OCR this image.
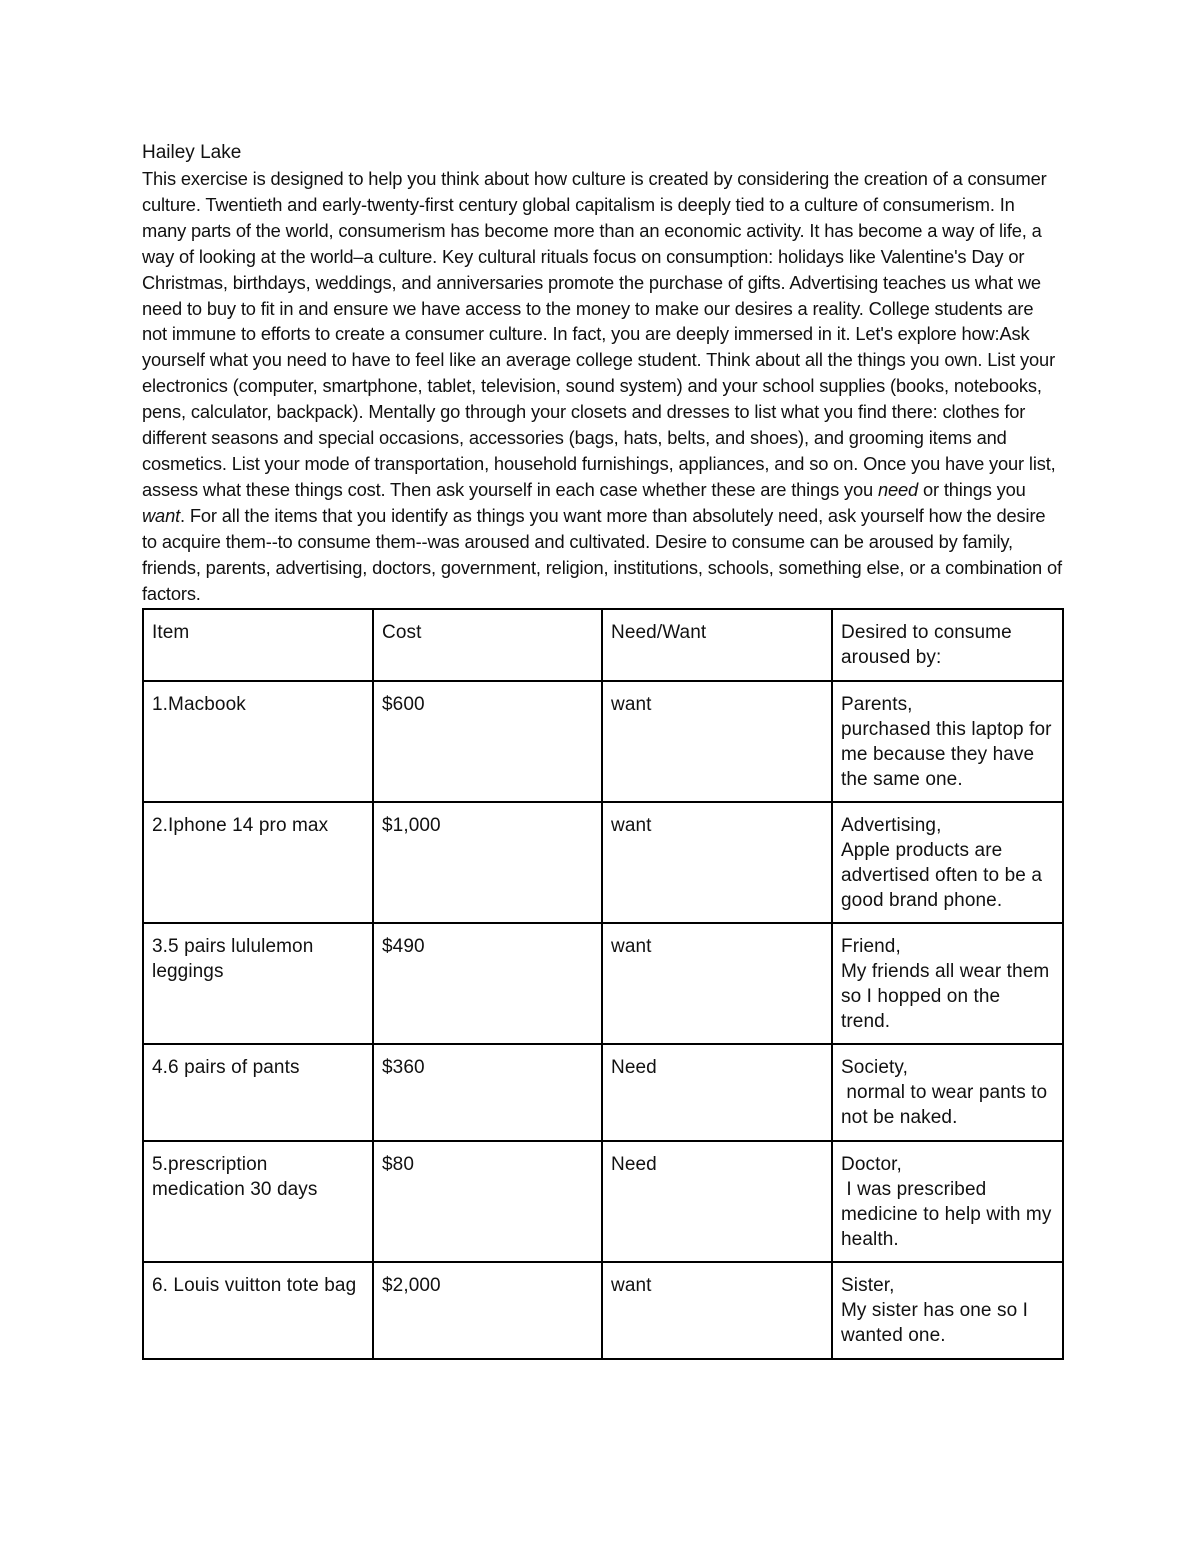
Hailey Lake

This exercise is designed to help you think about how culture is created by considering the creation of a consumer culture. Twentieth and early-twenty-first century global capitalism is deeply tied to a culture of consumerism. In many parts of the world, consumerism has become more than an economic activity. It has become a way of life, a way of looking at the world–a culture. Key cultural rituals focus on consumption: holidays like Valentine's Day or Christmas, birthdays, weddings, and anniversaries promote the purchase of gifts. Advertising teaches us what we need to buy to fit in and ensure we have access to the money to make our desires a reality. College students are not immune to efforts to create a consumer culture. In fact, you are deeply immersed in it. Let's explore how:Ask yourself what you need to have to feel like an average college student. Think about all the things you own. List your electronics (computer, smartphone, tablet, television, sound system) and your school supplies (books, notebooks, pens, calculator, backpack). Mentally go through your closets and dresses to list what you find there: clothes for different seasons and special occasions, accessories (bags, hats, belts, and shoes), and grooming items and cosmetics. List your mode of transportation, household furnishings, appliances, and so on. Once you have your list, assess what these things cost. Then ask yourself in each case whether these are things you need or things you want. For all the items that you identify as things you want more than absolutely need, ask yourself how the desire to acquire them--to consume them--was aroused and cultivated. Desire to consume can be aroused by family, friends, parents, advertising, doctors, government, religion, institutions, schools, something else, or a combination of factors.

Item	Cost	Need/Want	Desired to consume aroused by:
1.Macbook	$600	want	Parents,
purchased this laptop for me because they have the same one.

2.Iphone 14 pro max	$1,000	want	Advertising,
Apple products are advertised often to be a good brand phone.

3.5 pairs lululemon leggings	$490	want	Friend,
My friends all wear them so I hopped on the trend.

4.6 pairs of pants	$360	Need	Society,
normal to wear pants to not be naked.

5.prescription medication 30 days	$80	Need	Doctor,
I was prescribed medicine to help with my health.

6. Louis vuitton tote bag	$2,000	want	Sister,
My sister has one so I wanted one.
